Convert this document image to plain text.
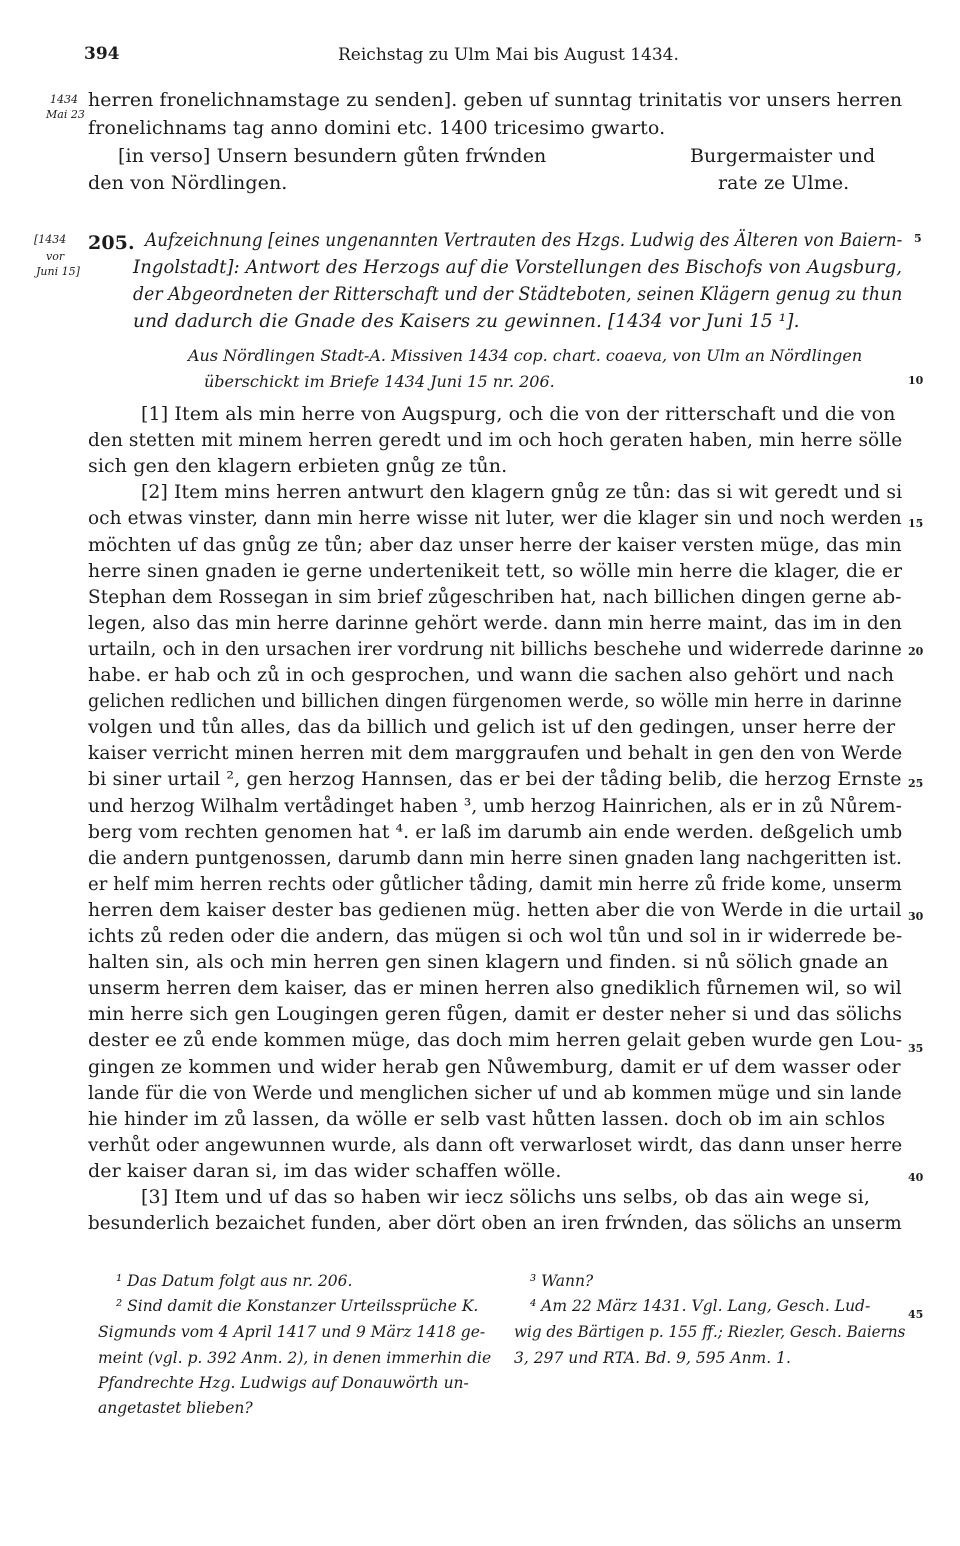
394	Reichstag zu Ulm Mai bis August 1434.
1434
Mai 23
herren fronelichnamstage zu senden]. geben uf sunntag trinitatis vor unsers herren
fronelichnams tag anno domini etc. 1400 tricesimo gwarto.
[in verso] Unsern besundern gůten frẃnden
den von Nördlingen.
Burgermaister und
rate ze Ulme.
[1434
vor
Juni 15]
205. Aufzeichnung [eines ungenannten Vertrauten des Hzgs. Ludwig des Älteren von Baiern-
Ingolstadt]: Antwort des Herzogs auf die Vorstellungen des Bischofs von Augsburg,
der Abgeordneten der Ritterschaft und der Städteboten, seinen Klägern genug zu thun
und dadurch die Gnade des Kaisers zu gewinnen. [1434 vor Juni 15 ¹].
Aus Nördlingen Stadt-A. Missiven 1434 cop. chart. coaeva, von Ulm an Nördlingen
überschickt im Briefe 1434 Juni 15 nr. 206.
[1] Item als min herre von Augspurg, och die von der ritterschaft und die von
den stetten mit minem herren geredt und im och hoch geraten haben, min herre sölle
sich gen den klagern erbieten gnůg ze tůn.
[2] Item mins herren antwurt den klagern gnůg ze tůn: das si wit geredt und si
och etwas vinster, dann min herre wisse nit luter, wer die klager sin und noch werden
möchten uf das gnůg ze tůn; aber daz unser herre der kaiser versten müge, das min
herre sinen gnaden ie gerne undertenikeit tett, so wölle min herre die klager, die er
Stephan dem Rossegan in sim brief zůgeschriben hat, nach billichen dingen gerne ab-
legen, also das min herre darinne gehört werde. dann min herre maint, das im in den
urtailn, och in den ursachen irer vordrung nit billichs beschehe und widerrede darinne
habe. er hab och zů in och gesprochen, und wann die sachen also gehört und nach
gelichen redlichen und billichen dingen fürgenomen werde, so wölle min herre in darinne
volgen und tůn alles, das da billich und gelich ist uf den gedingen, unser herre der
kaiser verricht minen herren mit dem marggraufen und behalt in gen den von Werde
bi siner urtail ², gen herzog Hannsen, das er bei der tåding belib, die herzog Ernste
und herzog Wilhalm vertådinget haben ³, umb herzog Hainrichen, als er in zů Nůrem-
berg vom rechten genomen hat ⁴. er laß im darumb ain ende werden. deßgelich umb
die andern puntgenossen, darumb dann min herre sinen gnaden lang nachgeritten ist.
er helf mim herren rechts oder gůtlicher tåding, damit min herre zů fride kome, unserm
herren dem kaiser dester bas gedienen müg. hetten aber die von Werde in die urtail
ichts zů reden oder die andern, das mügen si och wol tůn und sol in ir widerrede be-
halten sin, als och min herren gen sinen klagern und finden. si nů sölich gnade an
unserm herren dem kaiser, das er minen herren also gnediklich fůrnemen wil, so wil
min herre sich gen Lougingen geren fůgen, damit er dester neher si und das sölichs
dester ee zů ende kommen müge, das doch mim herren gelait geben wurde gen Lou-
gingen ze kommen und wider herab gen Nůwemburg, damit er uf dem wasser oder
lande für die von Werde und menglichen sicher uf und ab kommen müge und sin lande
hie hinder im zů lassen, da wölle er selb vast hůtten lassen. doch ob im ain schlos
verhůt oder angewunnen wurde, als dann oft verwarloset wirdt, das dann unser herre
der kaiser daran si, im das wider schaffen wölle.
[3] Item und uf das so haben wir iecz sölichs uns selbs, ob das ain wege si,
besunderlich bezaichet funden, aber dört oben an iren frẃnden, das sölichs an unserm
5
10
15
20
25
30
35
40
45
¹ Das Datum folgt aus nr. 206.
² Sind damit die Konstanzer Urteilssprüche K.
Sigmunds vom 4 April 1417 und 9 März 1418 ge-
meint (vgl. p. 392 Anm. 2), in denen immerhin die
Pfandrechte Hzg. Ludwigs auf Donauwörth un-
angetastet blieben?
³ Wann?
⁴ Am 22 März 1431. Vgl. Lang, Gesch. Lud-
wig des Bärtigen p. 155 ff.; Riezler, Gesch. Baierns
3, 297 und RTA. Bd. 9, 595 Anm. 1.
